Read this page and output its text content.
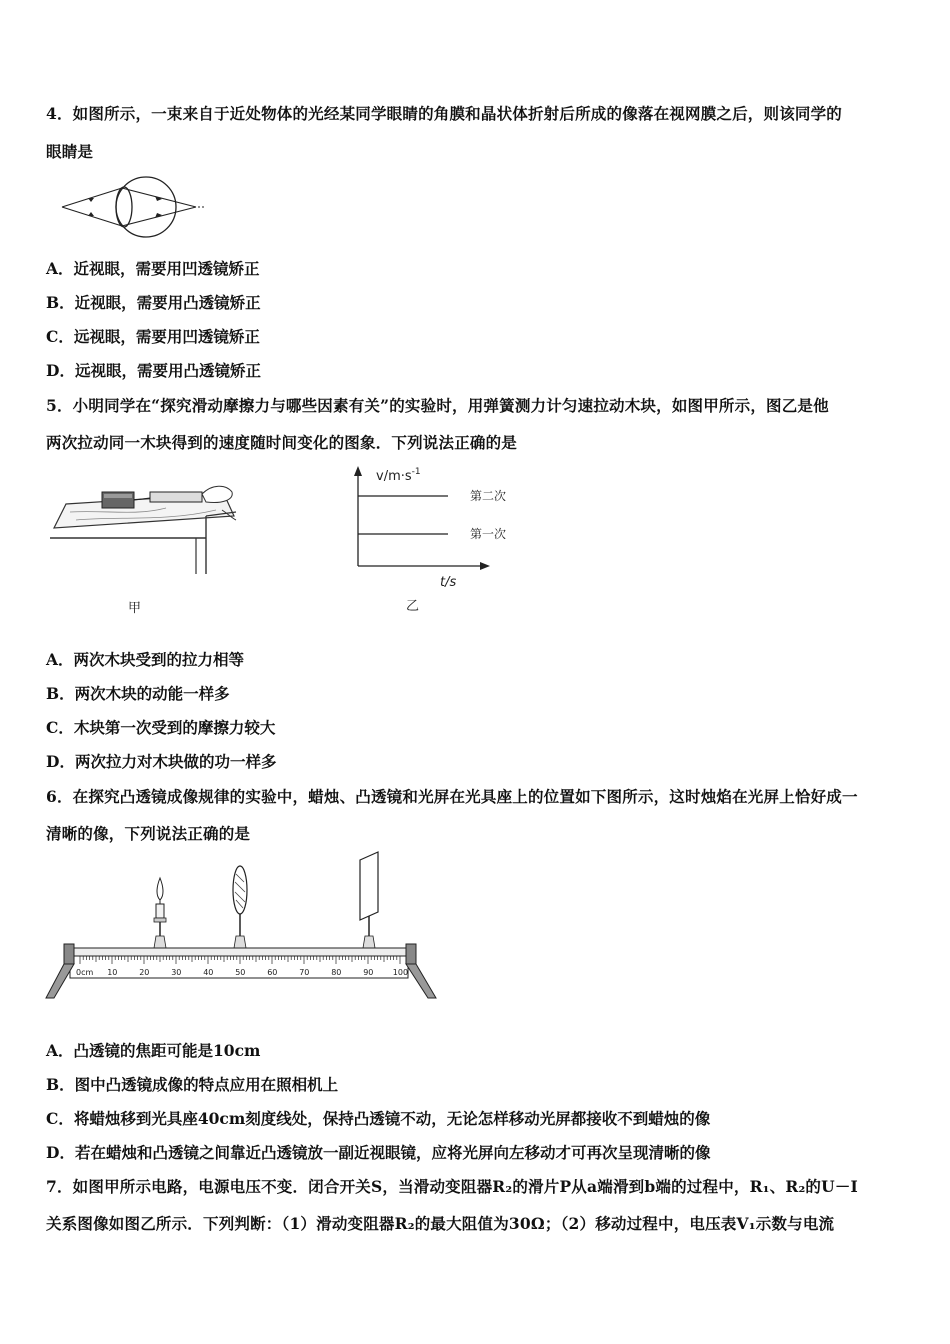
4．如图所示，一束来自于近处物体的光经某同学眼睛的角膜和晶状体折射后所成的像落在视网膜之后，则该同学的
眼睛是
A．近视眼，需要用凹透镜矫正
B．近视眼，需要用凸透镜矫正
C．远视眼，需要用凹透镜矫正
D．远视眼，需要用凸透镜矫正
5．小明同学在“探究滑动摩擦力与哪些因素有关”的实验时，用弹簧测力计匀速拉动木块，如图甲所示，图乙是他
两次拉动同一木块得到的速度随时间变化的图象．下列说法正确的是
甲
$v/m\cdot s^{-1}$
第二次
第一次
t/s
乙
A．两次木块受到的拉力相等
B．两次木块的动能一样多
C．木块第一次受到的摩擦力较大
D．两次拉力对木块做的功一样多
6．在探究凸透镜成像规律的实验中，蜡烛、凸透镜和光屏在光具座上的位置如下图所示，这时烛焰在光屏上恰好成一
清晰的像，下列说法正确的是
0cm 10	20	30	40	50	60	70	80	90 100
A．凸透镜的焦距可能是10cm
B．图中凸透镜成像的特点应用在照相机上
C．将蜡烛移到光具座40cm刻度线处，保持凸透镜不动，无论怎样移动光屏都接收不到蜡烛的像
D．若在蜡烛和凸透镜之间靠近凸透镜放一副近视眼镜，应将光屏向左移动才可再次呈现清晰的像
7．如图甲所示电路，电源电压不变．闭合开关S，当滑动变阻器R₂的滑片P从a端滑到b端的过程中，R₁、R₂的U－I
关系图像如图乙所示．下列判断：（1）滑动变阻器R₂的最大阻值为30Ω；（2）移动过程中，电压表V₁示数与电流
